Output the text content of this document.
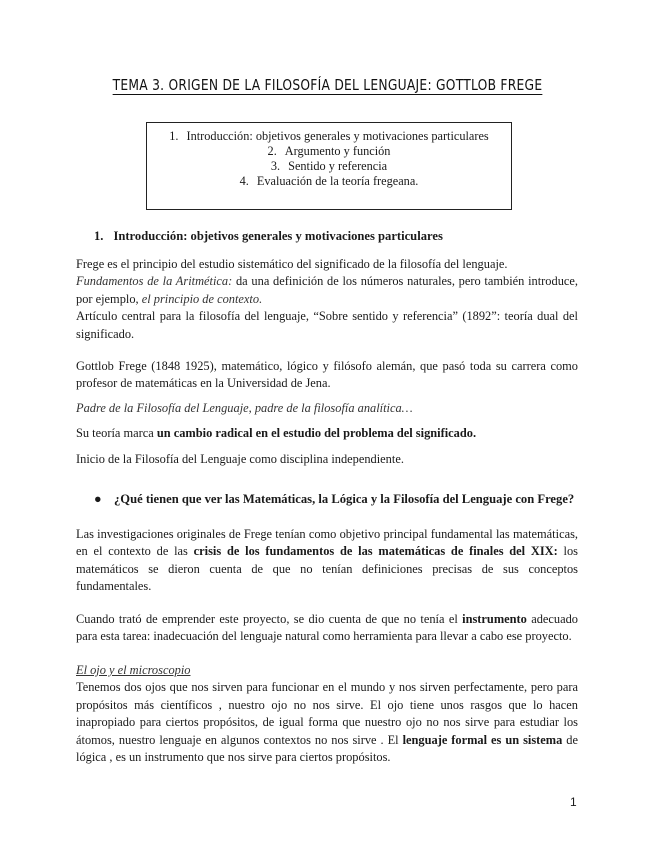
TEMA 3. ORIGEN DE LA FILOSOFÍA DEL LENGUAJE: GOTTLOB FREGE
1. Introducción: objetivos generales y motivaciones particulares
2. Argumento y función
3. Sentido y referencia
4. Evaluación de la teoría fregeana.
1. Introducción: objetivos generales y motivaciones particulares

Frege es el principio del estudio sistemático del significado de la filosofía del lenguaje.

Fundamentos de la Aritmética: da una definición de los números naturales, pero también introduce, por ejemplo, el principio de contexto.

Artículo central para la filosofía del lenguaje, “Sobre sentido y referencia” (1892”: teoría dual del significado.

Gottlob Frege (1848 1925), matemático, lógico y filósofo alemán, que pasó toda su carrera como profesor de matemáticas en la Universidad de Jena.

Padre de la Filosofía del Lenguaje, padre de la filosofía analítica…

Su teoría marca un cambio radical en el estudio del problema del significado.

Inicio de la Filosofía del Lenguaje como disciplina independiente.

● ¿Qué tienen que ver las Matemáticas, la Lógica y la Filosofía del Lenguaje con Frege?

Las investigaciones originales de Frege tenían como objetivo principal fundamental las matemáticas, en el contexto de las crisis de los fundamentos de las matemáticas de finales del XIX: los matemáticos se dieron cuenta de que no tenían definiciones precisas de sus conceptos fundamentales.

Cuando trató de emprender este proyecto, se dio cuenta de que no tenía el instrumento adecuado para esta tarea: inadecuación del lenguaje natural como herramienta para llevar a cabo ese proyecto.

El ojo y el microscopio

Tenemos dos ojos que nos sirven para funcionar en el mundo y nos sirven perfectamente, pero para propósitos más científicos , nuestro ojo no nos sirve. El ojo tiene unos rasgos que lo hacen inapropiado para ciertos propósitos, de igual forma que nuestro ojo no nos sirve para estudiar los átomos, nuestro lenguaje en algunos contextos no nos sirve . El lenguaje formal es un sistema de lógica , es un instrumento que nos sirve para ciertos propósitos.

1
